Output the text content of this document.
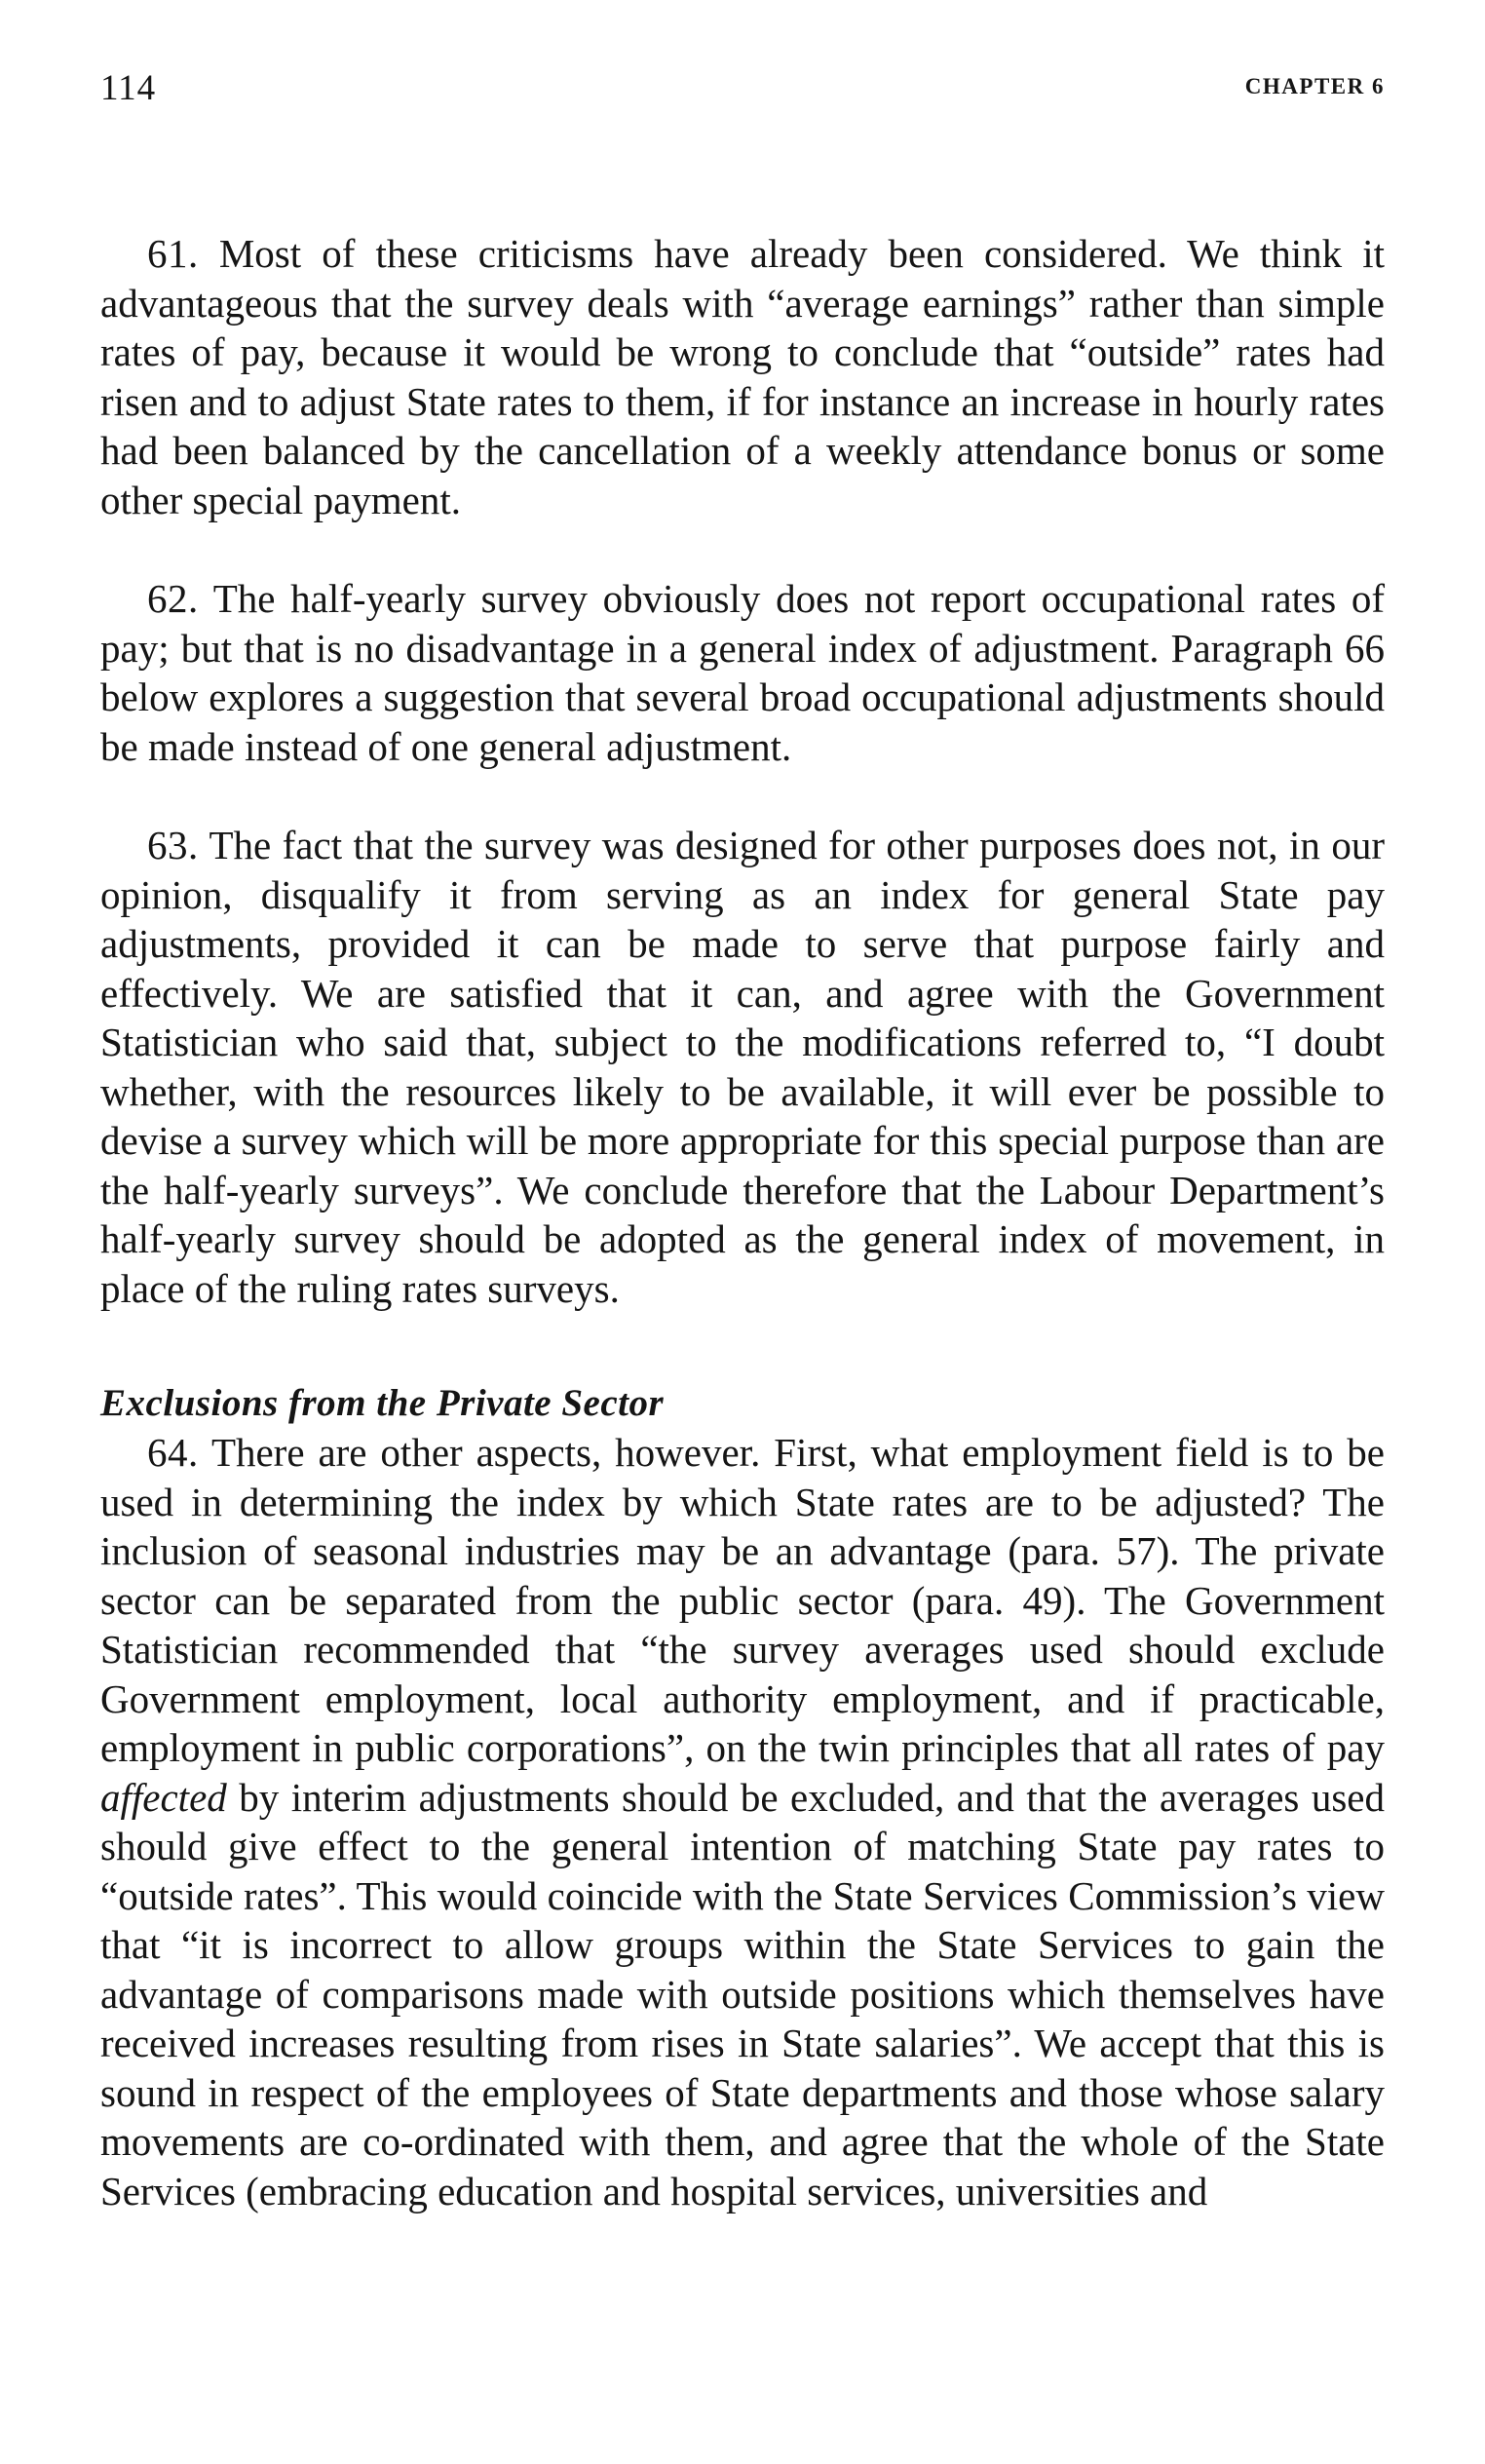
114	CHAPTER 6

61. Most of these criticisms have already been considered. We think it advantageous that the survey deals with “average earnings” rather than simple rates of pay, because it would be wrong to conclude that “outside” rates had risen and to adjust State rates to them, if for instance an increase in hourly rates had been balanced by the cancellation of a weekly attendance bonus or some other special payment.

62. The half-yearly survey obviously does not report occupational rates of pay; but that is no disadvantage in a general index of adjustment. Paragraph 66 below explores a suggestion that several broad occupational adjustments should be made instead of one general adjustment.

63. The fact that the survey was designed for other purposes does not, in our opinion, disqualify it from serving as an index for general State pay adjustments, provided it can be made to serve that purpose fairly and effectively. We are satisfied that it can, and agree with the Government Statistician who said that, subject to the modifications referred to, “I doubt whether, with the resources likely to be available, it will ever be possible to devise a survey which will be more appropriate for this special purpose than are the half-yearly surveys”. We conclude therefore that the Labour Department’s half-yearly survey should be adopted as the general index of movement, in place of the ruling rates surveys.

Exclusions from the Private Sector

64. There are other aspects, however. First, what employment field is to be used in determining the index by which State rates are to be adjusted? The inclusion of seasonal industries may be an advantage (para. 57). The private sector can be separated from the public sector (para. 49). The Government Statistician recommended that “the survey averages used should exclude Government employment, local authority employment, and if practicable, employment in public corporations”, on the twin principles that all rates of pay affected by interim adjustments should be excluded, and that the averages used should give effect to the general intention of matching State pay rates to “outside rates”. This would coincide with the State Services Commission’s view that “it is incorrect to allow groups within the State Services to gain the advantage of comparisons made with outside positions which themselves have received increases resulting from rises in State salaries”. We accept that this is sound in respect of the employees of State departments and those whose salary movements are co-ordinated with them, and agree that the whole of the State Services (embracing education and hospital services, universities and
